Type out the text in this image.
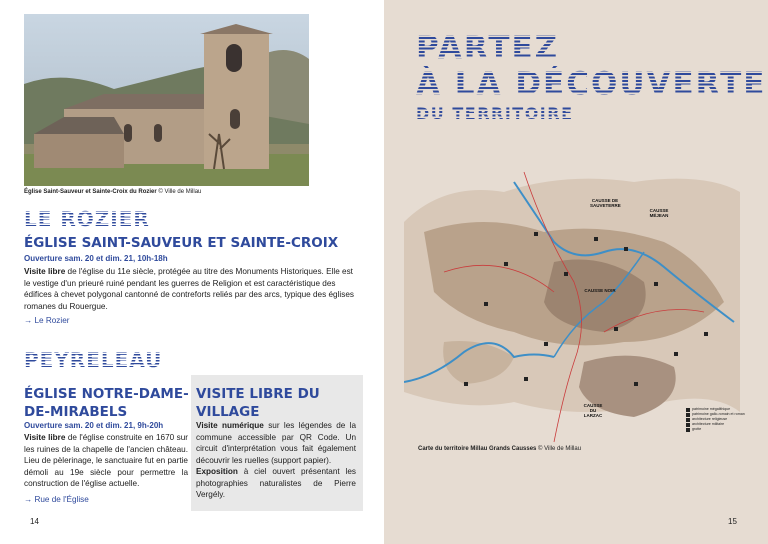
Église Saint-Sauveur et Sainte-Croix du Rozier © Ville de Millau
LE ROZIER
ÉGLISE SAINT-SAUVEUR ET SAINTE-CROIX
Ouverture sam. 20 et dim. 21, 10h-18h
Visite libre de l'église du 11e siècle, protégée au titre des Monuments Historiques. Elle est le vestige d'un prieuré ruiné pendant les guerres de Religion et est caractéristique des édifices à chevet polygonal cantonné de contreforts reliés par des arcs, typique des églises romanes du Rouergue.
→ Le Rozier
PEYRELEAU
ÉGLISE NOTRE-DAME-DE-MIRABELS
Ouverture sam. 20 et dim. 21, 9h-20h
Visite libre de l'église construite en 1670 sur les ruines de la chapelle de l'ancien château. Lieu de pèlerinage, le sanctuaire fut en partie démoli au 19e siècle pour permettre la construction de l'église actuelle.
→ Rue de l'Église
VISITE LIBRE DU VILLAGE
Visite numérique sur les légendes de la commune accessible par QR Code. Un circuit d'interprétation vous fait également découvrir les ruelles (support papier).
Exposition à ciel ouvert présentant les photographies naturalistes de Pierre Vergély.
14
PARTEZ
À LA DÉCOUVERTE
DU TERRITOIRE
CAUSSE DE SAUVETERRE
CAUSSE MÉJEAN
CAUSSE NOIR
CAUSSE DU LARZAC
patrimoine mégalithique
patrimoine gallo-romain et roman
architecture religieuse
architecture militaire
grotte
Carte du territoire Millau Grands Causses © Ville de Millau
15
